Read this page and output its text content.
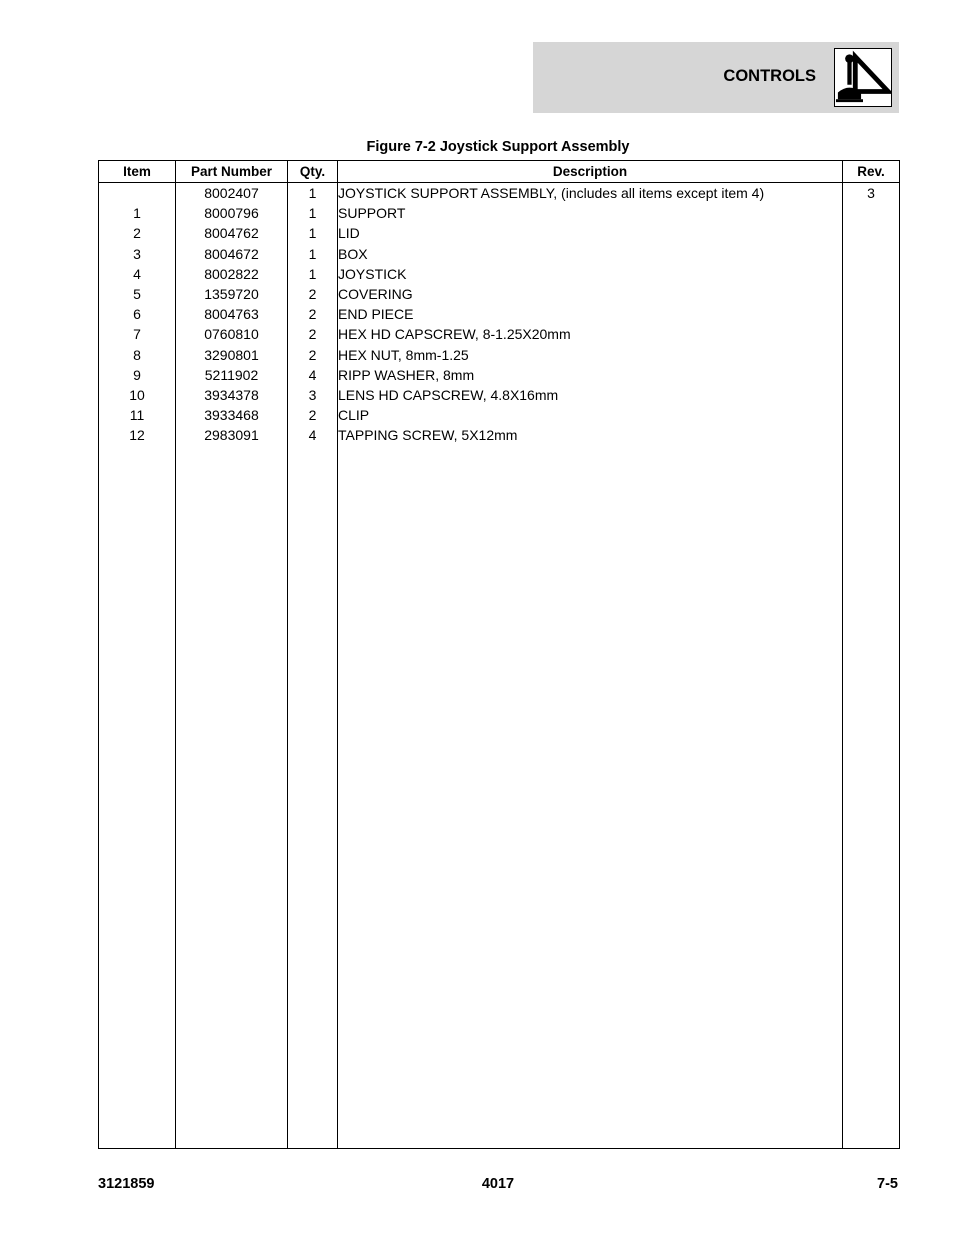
CONTROLS
Figure 7-2 Joystick Support Assembly
Item	Part Number	Qty.	Description	Rev.
	8002407	1	JOYSTICK SUPPORT ASSEMBLY, (includes all items except item 4)	3
1	8000796	1	SUPPORT	
2	8004762	1	LID	
3	8004672	1	BOX	
4	8002822	1	JOYSTICK	
5	1359720	2	COVERING	
6	8004763	2	END PIECE	
7	0760810	2	HEX HD CAPSCREW, 8-1.25X20mm	
8	3290801	2	HEX NUT, 8mm-1.25	
9	5211902	4	RIPP WASHER, 8mm	
10	3934378	3	LENS HD CAPSCREW, 4.8X16mm	
11	3933468	2	CLIP	
12	2983091	4	TAPPING SCREW, 5X12mm	

3121859	4017	7-5
